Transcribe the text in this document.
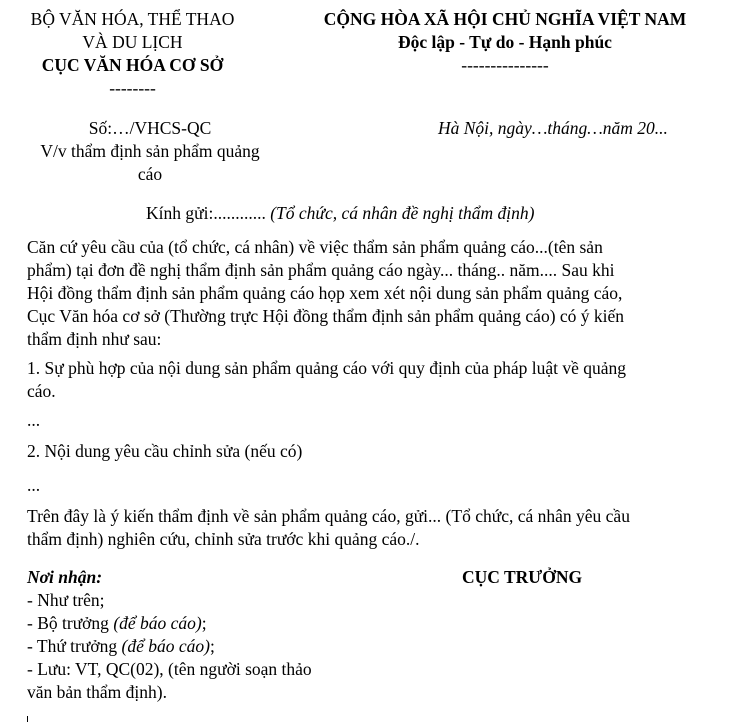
BỘ VĂN HÓA, THỂ THAO
VÀ DU LỊCH
CỤC VĂN HÓA CƠ SỞ
--------
CỘNG HÒA XÃ HỘI CHỦ NGHĨA VIỆT NAM
Độc lập - Tự do - Hạnh phúc
---------------
Số:…/VHCS-QC
V/v thẩm định sản phẩm quảng
cáo
Hà Nội, ngày…tháng…năm 20...
Kính gửi:............ (Tổ chức, cá nhân đề nghị thẩm định)
Căn cứ yêu cầu của (tổ chức, cá nhân) về việc thẩm sản phẩm quảng cáo...(tên sản
phẩm) tại đơn đề nghị thẩm định sản phẩm quảng cáo ngày... tháng.. năm.... Sau khi
Hội đồng thẩm định sản phẩm quảng cáo họp xem xét nội dung sản phẩm quảng cáo,
Cục Văn hóa cơ sở (Thường trực Hội đồng thẩm định sản phẩm quảng cáo) có ý kiến
thẩm định như sau:
1. Sự phù hợp của nội dung sản phẩm quảng cáo với quy định của pháp luật về quảng
cáo.
...
2. Nội dung yêu cầu chỉnh sửa (nếu có)
...
Trên đây là ý kiến thẩm định về sản phẩm quảng cáo, gửi... (Tổ chức, cá nhân yêu cầu
thẩm định) nghiên cứu, chỉnh sửa trước khi quảng cáo./.
Nơi nhận:
- Như trên;
- Bộ trưởng (để báo cáo);
- Thứ trưởng (để báo cáo);
- Lưu: VT, QC(02), (tên người soạn thảo
văn bản thẩm định).
CỤC TRƯỞNG
